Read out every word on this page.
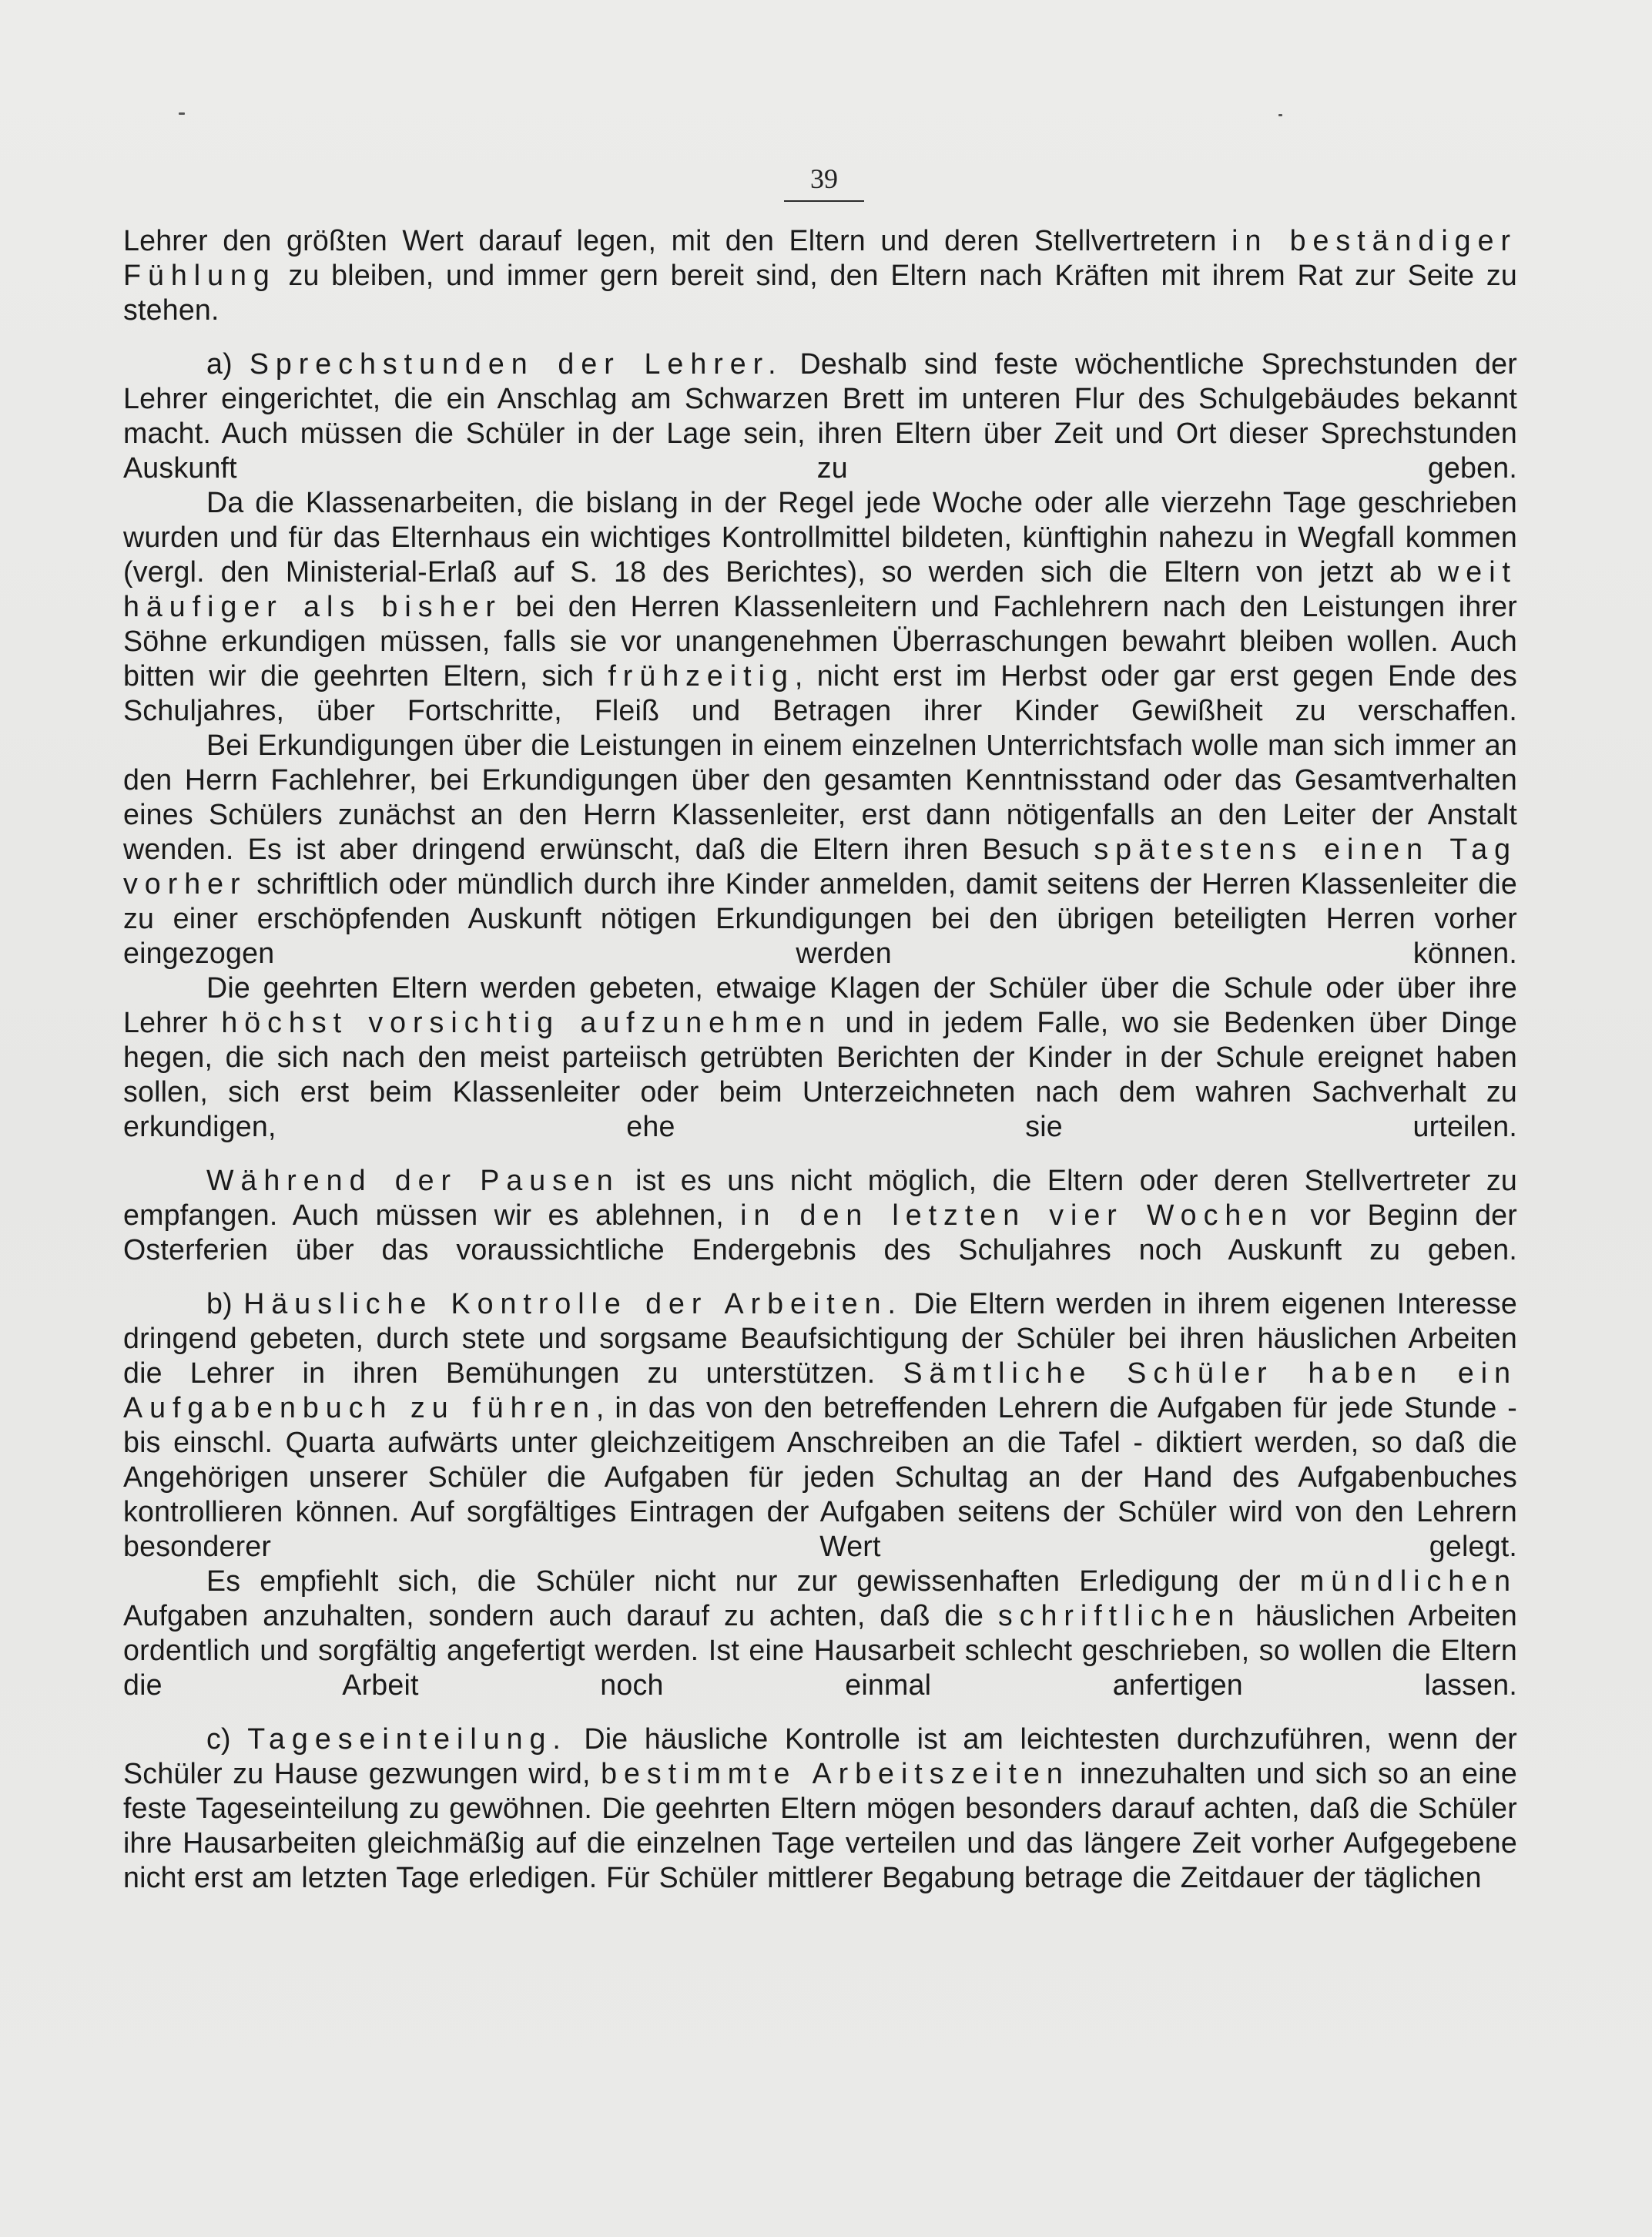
39

Lehrer den größten Wert darauf legen, mit den Eltern und deren Stellvertretern in beständiger Fühlung zu bleiben, und immer gern bereit sind, den Eltern nach Kräften mit ihrem Rat zur Seite zu stehen.

a) Sprechstunden der Lehrer. Deshalb sind feste wöchentliche Sprechstunden der Lehrer eingerichtet, die ein Anschlag am Schwarzen Brett im unteren Flur des Schulgebäudes bekannt macht. Auch müssen die Schüler in der Lage sein, ihren Eltern über Zeit und Ort dieser Sprechstunden Auskunft zu geben.

Da die Klassenarbeiten, die bislang in der Regel jede Woche oder alle vierzehn Tage geschrieben wurden und für das Elternhaus ein wichtiges Kontrollmittel bildeten, künftighin nahezu in Wegfall kommen (vergl. den Ministerial-Erlaß auf S. 18 des Berichtes), so werden sich die Eltern von jetzt ab weit häufiger als bisher bei den Herren Klassenleitern und Fachlehrern nach den Leistungen ihrer Söhne erkundigen müssen, falls sie vor unangenehmen Überraschungen bewahrt bleiben wollen. Auch bitten wir die geehrten Eltern, sich frühzeitig, nicht erst im Herbst oder gar erst gegen Ende des Schuljahres, über Fortschritte, Fleiß und Betragen ihrer Kinder Gewißheit zu verschaffen.

Bei Erkundigungen über die Leistungen in einem einzelnen Unterrichtsfach wolle man sich immer an den Herrn Fachlehrer, bei Erkundigungen über den gesamten Kenntnisstand oder das Gesamtverhalten eines Schülers zunächst an den Herrn Klassenleiter, erst dann nötigenfalls an den Leiter der Anstalt wenden. Es ist aber dringend erwünscht, daß die Eltern ihren Besuch spätestens einen Tag vorher schriftlich oder mündlich durch ihre Kinder anmelden, damit seitens der Herren Klassenleiter die zu einer erschöpfenden Auskunft nötigen Erkundigungen bei den übrigen beteiligten Herren vorher eingezogen werden können.

Die geehrten Eltern werden gebeten, etwaige Klagen der Schüler über die Schule oder über ihre Lehrer höchst vorsichtig aufzunehmen und in jedem Falle, wo sie Bedenken über Dinge hegen, die sich nach den meist parteiisch getrübten Berichten der Kinder in der Schule ereignet haben sollen, sich erst beim Klassenleiter oder beim Unterzeichneten nach dem wahren Sachverhalt zu erkundigen, ehe sie urteilen.

Während der Pausen ist es uns nicht möglich, die Eltern oder deren Stellvertreter zu empfangen. Auch müssen wir es ablehnen, in den letzten vier Wochen vor Beginn der Osterferien über das voraussichtliche Endergebnis des Schuljahres noch Auskunft zu geben.

b) Häusliche Kontrolle der Arbeiten. Die Eltern werden in ihrem eigenen Interesse dringend gebeten, durch stete und sorgsame Beaufsichtigung der Schüler bei ihren häuslichen Arbeiten die Lehrer in ihren Bemühungen zu unterstützen. Sämtliche Schüler haben ein Aufgabenbuch zu führen, in das von den betreffenden Lehrern die Aufgaben für jede Stunde - bis einschl. Quarta aufwärts unter gleichzeitigem Anschreiben an die Tafel - diktiert werden, so daß die Angehörigen unserer Schüler die Aufgaben für jeden Schultag an der Hand des Aufgabenbuches kontrollieren können. Auf sorgfältiges Eintragen der Aufgaben seitens der Schüler wird von den Lehrern besonderer Wert gelegt.

Es empfiehlt sich, die Schüler nicht nur zur gewissenhaften Erledigung der mündlichen Aufgaben anzuhalten, sondern auch darauf zu achten, daß die schriftlichen häuslichen Arbeiten ordentlich und sorgfältig angefertigt werden. Ist eine Hausarbeit schlecht geschrieben, so wollen die Eltern die Arbeit noch einmal anfertigen lassen.

c) Tageseinteilung. Die häusliche Kontrolle ist am leichtesten durchzuführen, wenn der Schüler zu Hause gezwungen wird, bestimmte Arbeitszeiten innezuhalten und sich so an eine feste Tageseinteilung zu gewöhnen. Die geehrten Eltern mögen besonders darauf achten, daß die Schüler ihre Hausarbeiten gleichmäßig auf die einzelnen Tage verteilen und das längere Zeit vorher Aufgegebene nicht erst am letzten Tage erledigen. Für Schüler mittlerer Begabung betrage die Zeitdauer der täglichen
